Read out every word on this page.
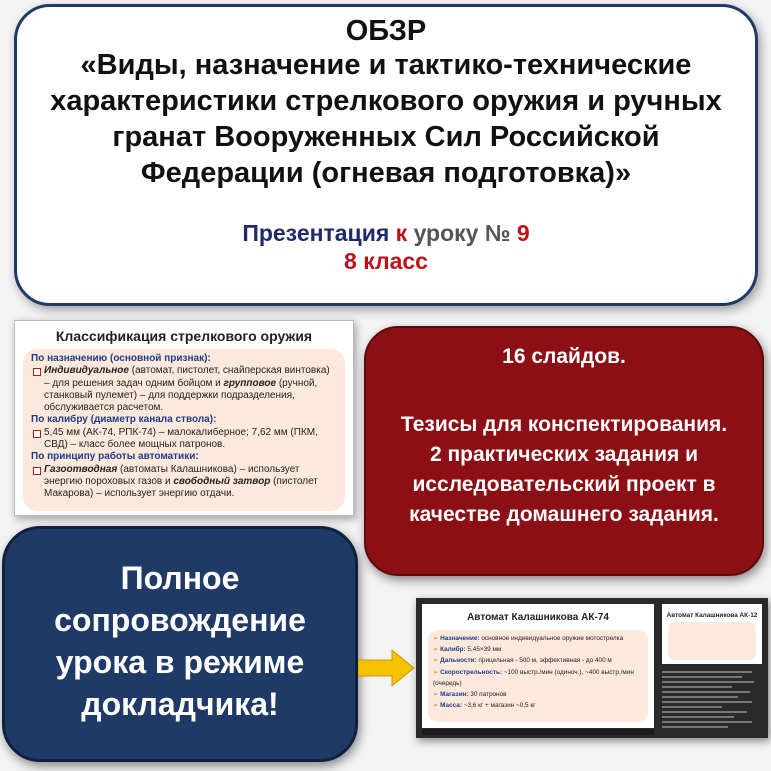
ОБЗР
«Виды, назначение и тактико-технические характеристики стрелкового оружия и ручных гранат Вооруженных Сил Российской Федерации (огневая подготовка)»
Презентация к уроку № 9
8 класс
Классификация стрелкового оружия
По назначению (основной признак):
Индивидуальное (автомат, пистолет, снайперская винтовка) – для решения задач одним бойцом и групповое (ручной, станковый пулемет) – для поддержки подразделения, обслуживается расчетом.
По калибру (диаметр канала ствола):
5,45 мм (АК-74, РПК-74) – малокалиберное; 7,62 мм (ПКМ, СВД) – класс более мощных патронов.
По принципу работы автоматики:
Газоотводная (автоматы Калашникова) – использует энергию пороховых газов и свободный затвор (пистолет Макарова) – использует энергию отдачи.
16 слайдов.
Тезисы для конспектирования.
2 практических задания и
исследовательский проект в
качестве домашнего задания.
Полное
сопровождение
урока в режиме
докладчика!
Автомат Калашникова АК-74
➢ Назначение: основное индивидуальное оружие мотострелка
➢ Калибр: 5,45×39 мм
➢ Дальности: прицельная - 500 м, эффективная - до 400 м
➢ Скорострельность: ~100 выстр./мин (одиноч.), ~400 выстр./мин (очередь)
➢ Магазин: 30 патронов
➢ Масса: ~3,6 кг + магазин ~0,5 кг
Автомат Калашникова АК-12
